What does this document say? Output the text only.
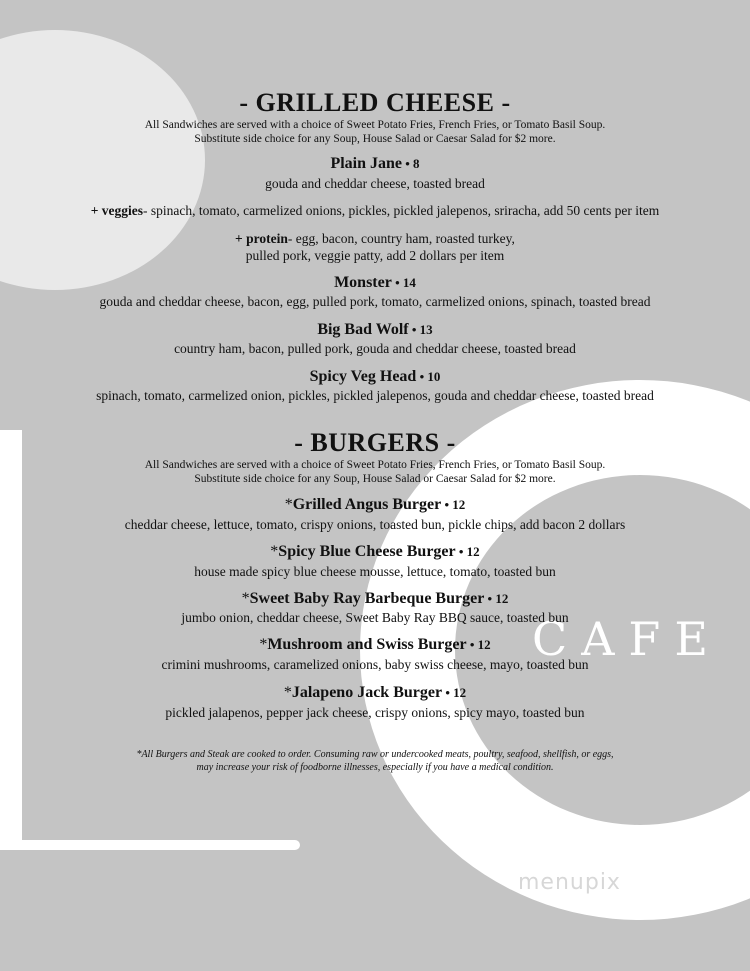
CAFE
menupix
- GRILLED CHEESE -
All Sandwiches are served with a choice of Sweet Potato Fries, French Fries, or Tomato Basil Soup.
Substitute side choice for any Soup, House Salad or Caesar Salad for $2 more.
Plain Jane • 8
gouda and cheddar cheese, toasted bread
+ veggies- spinach, tomato, carmelized onions, pickles, pickled jalepenos, sriracha, add 50 cents per item
+ protein- egg, bacon, country ham, roasted turkey,
pulled pork, veggie patty, add 2 dollars per item
Monster • 14
gouda and cheddar cheese, bacon, egg, pulled pork, tomato, carmelized onions, spinach, toasted bread
Big Bad Wolf • 13
country ham, bacon, pulled pork, gouda and cheddar cheese, toasted bread
Spicy Veg Head • 10
spinach, tomato, carmelized onion, pickles, pickled jalepenos, gouda and cheddar cheese, toasted bread
- BURGERS -
All Sandwiches are served with a choice of Sweet Potato Fries, French Fries, or Tomato Basil Soup.
Substitute side choice for any Soup, House Salad or Caesar Salad for $2 more.
*Grilled Angus Burger • 12
cheddar cheese, lettuce, tomato, crispy onions, toasted bun, pickle chips, add bacon 2 dollars
*Spicy Blue Cheese Burger • 12
house made spicy blue cheese mousse, lettuce, tomato, toasted bun
*Sweet Baby Ray Barbeque Burger • 12
jumbo onion, cheddar cheese, Sweet Baby Ray BBQ sauce, toasted bun
*Mushroom and Swiss Burger • 12
crimini mushrooms, caramelized onions, baby swiss cheese, mayo, toasted bun
*Jalapeno Jack Burger • 12
pickled jalapenos, pepper jack cheese, crispy onions, spicy mayo, toasted bun
*All Burgers and Steak are cooked to order. Consuming raw or undercooked meats, poultry, seafood, shellfish, or eggs,
may increase your risk of foodborne illnesses, especially if you have a medical condition.
